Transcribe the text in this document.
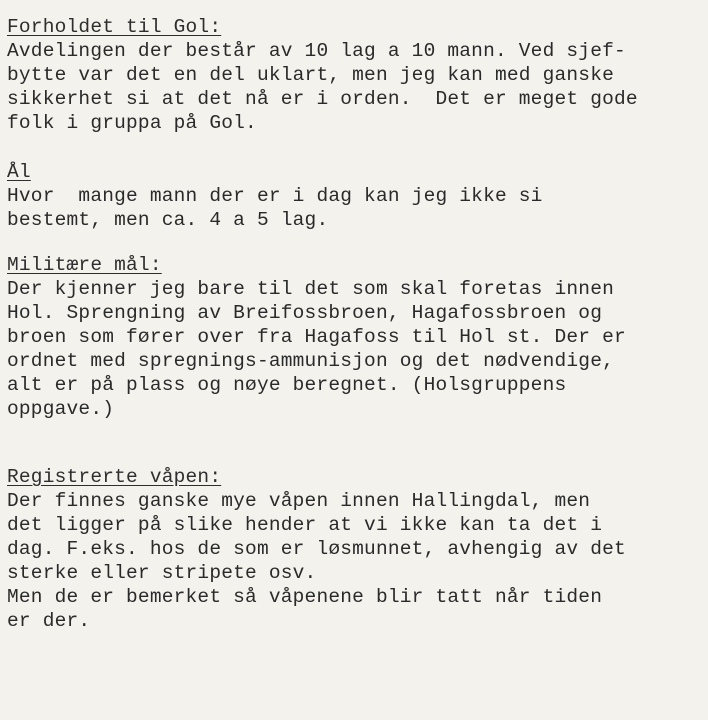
Forholdet til Gol:
Avdelingen der består av 10 lag a 10 mann. Ved sjef-
bytte var det en del uklart, men jeg kan med ganske
sikkerhet si at det nå er i orden.  Det er meget gode
folk i gruppa på Gol.
Ål
Hvor  mange mann der er i dag kan jeg ikke si
bestemt, men ca. 4 a 5 lag.
Militære mål:
Der kjenner jeg bare til det som skal foretas innen
Hol. Sprengning av Breifossbroen, Hagafossbroen og
broen som fører over fra Hagafoss til Hol st. Der er
ordnet med spregnings-ammunisjon og det nødvendige,
alt er på plass og nøye beregnet. (Holsgruppens
oppgave.)
Registrerte våpen:
Der finnes ganske mye våpen innen Hallingdal, men
det ligger på slike hender at vi ikke kan ta det i
dag. F.eks. hos de som er løsmunnet, avhengig av det
sterke eller stripete osv.
Men de er bemerket så våpenene blir tatt når tiden
er der.
